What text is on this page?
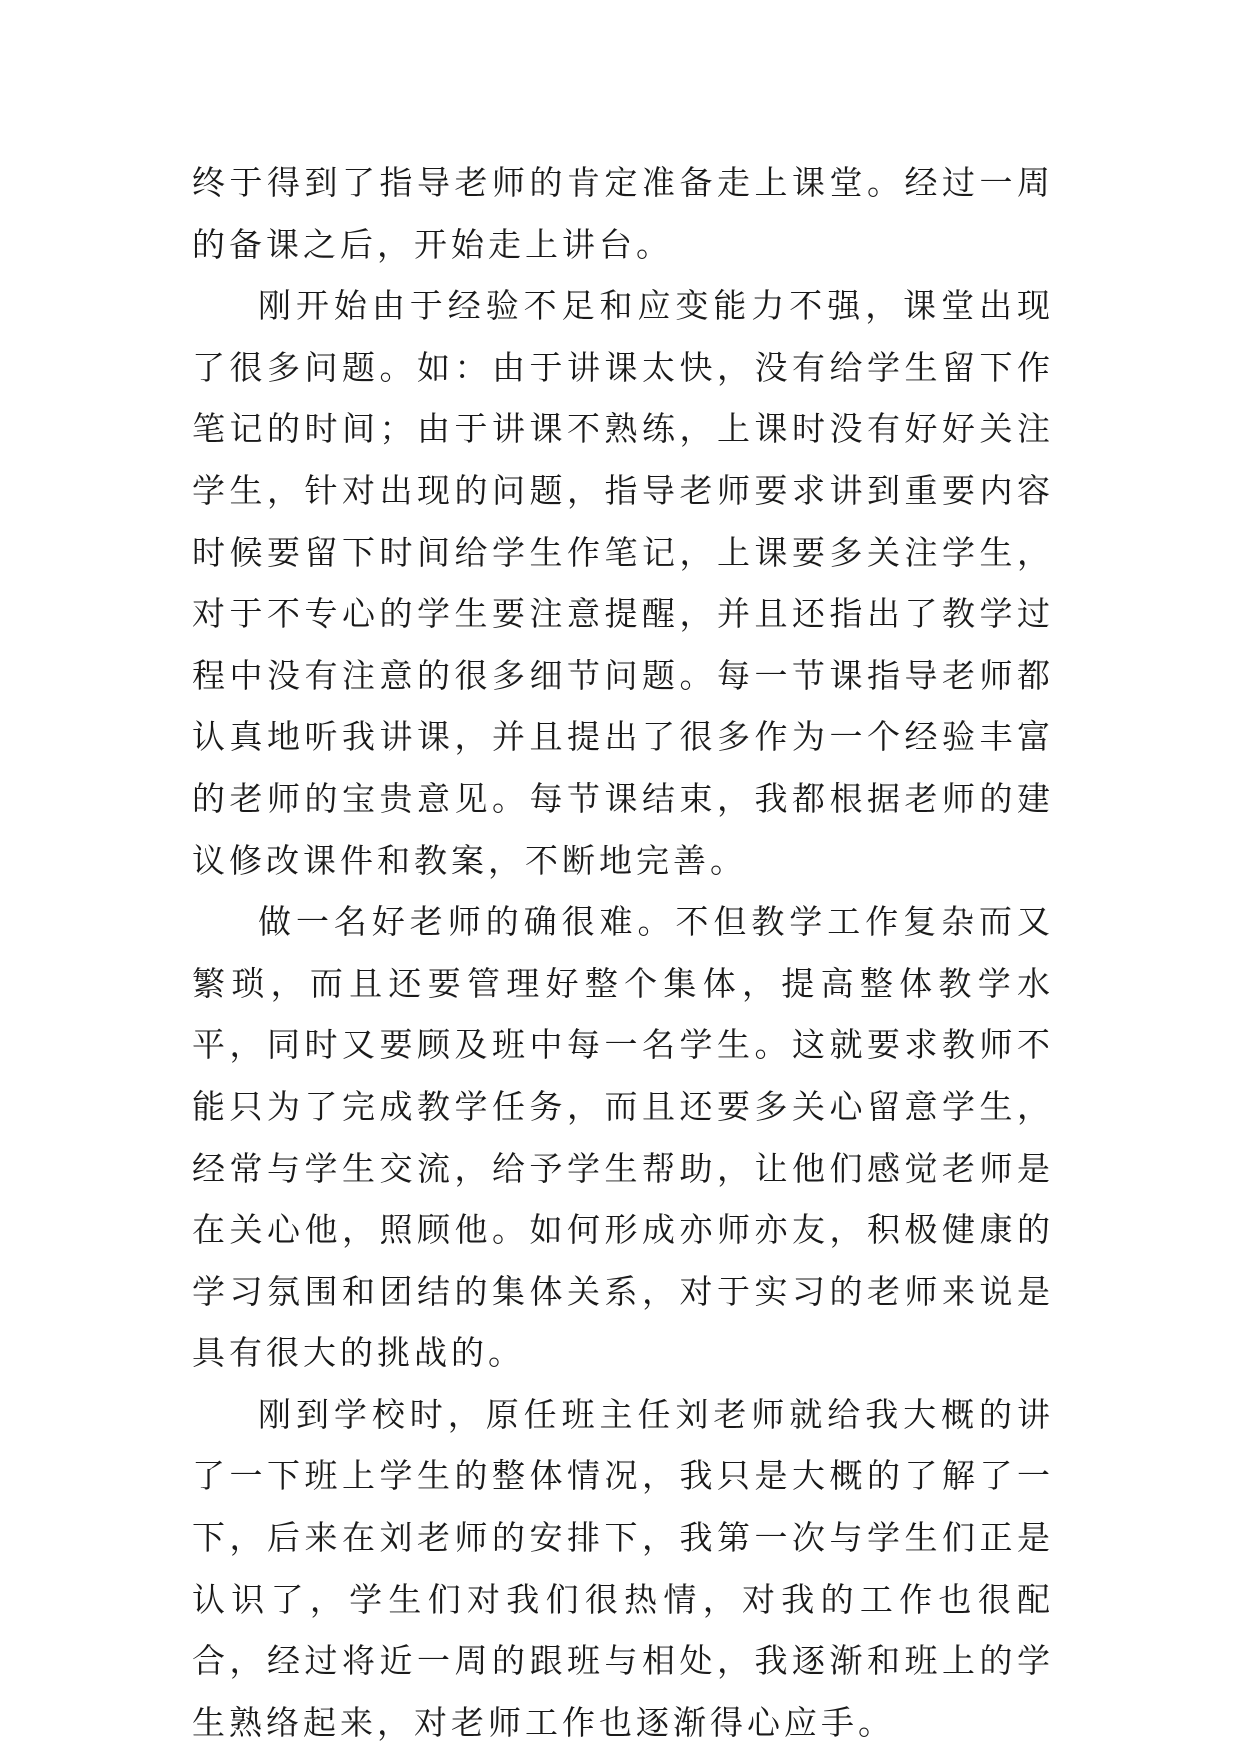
终于得到了指导老师的肯定准备走上课堂。经过一周的备课之后，开始走上讲台。

刚开始由于经验不足和应变能力不强，课堂出现了很多问题。如：由于讲课太快，没有给学生留下作笔记的时间；由于讲课不熟练，上课时没有好好关注学生，针对出现的问题，指导老师要求讲到重要内容时候要留下时间给学生作笔记，上课要多关注学生，对于不专心的学生要注意提醒，并且还指出了教学过程中没有注意的很多细节问题。每一节课指导老师都认真地听我讲课，并且提出了很多作为一个经验丰富的老师的宝贵意见。每节课结束，我都根据老师的建议修改课件和教案，不断地完善。

做一名好老师的确很难。不但教学工作复杂而又繁琐，而且还要管理好整个集体，提高整体教学水平，同时又要顾及班中每一名学生。这就要求教师不能只为了完成教学任务，而且还要多关心留意学生，经常与学生交流，给予学生帮助，让他们感觉老师是在关心他，照顾他。如何形成亦师亦友，积极健康的学习氛围和团结的集体关系，对于实习的老师来说是具有很大的挑战的。

刚到学校时，原任班主任刘老师就给我大概的讲了一下班上学生的整体情况，我只是大概的了解了一下，后来在刘老师的安排下，我第一次与学生们正是认识了，学生们对我们很热情，对我的工作也很配合，经过将近一周的跟班与相处，我逐渐和班上的学生熟络起来，对老师工作也逐渐得心应手。
